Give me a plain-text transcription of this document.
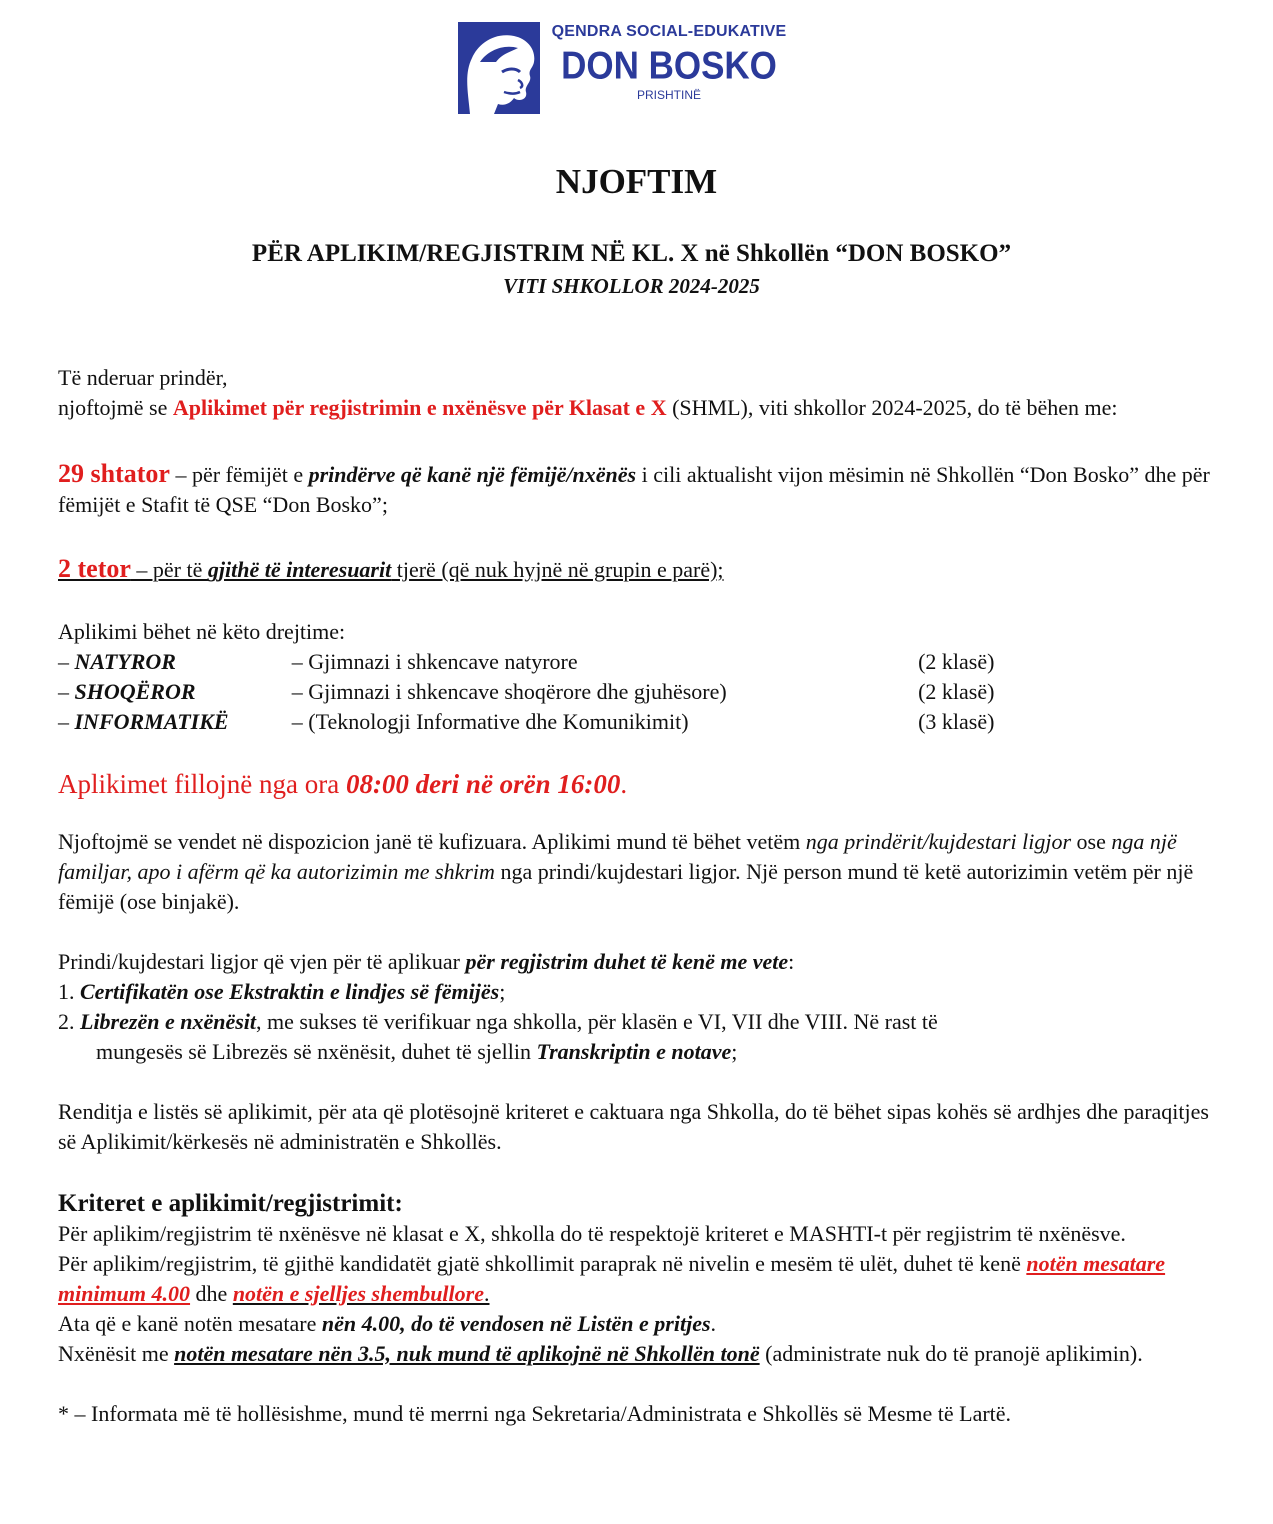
QENDRA SOCIAL-EDUKATIVE
DON BOSKO
PRISHTINË
NJOFTIM
PËR APLIKIM/REGJISTRIM NË KL. X në Shkollën “DON BOSKO”
VITI SHKOLLOR 2024-2025

Të nderuar prindër,

njoftojmë se Aplikimet për regjistrimin e nxënësve për Klasat e X (SHML), viti shkollor 2024-2025, do të bëhen me:

29 shtator – për fëmijët e prindërve që kanë një fëmijë/nxënës i cili aktualisht vijon mësimin në Shkollën “Don Bosko” dhe për fëmijët e Stafit të QSE “Don Bosko”;

2 tetor – për të gjithë të interesuarit tjerë (që nuk hyjnë në grupin e parë);

Aplikimi bëhet në këto drejtime:

– NATYROR	– Gjimnazi i shkencave natyrore	(2 klasë)
– SHOQËROR	– Gjimnazi i shkencave shoqërore dhe gjuhësore)	(2 klasë)
– INFORMATIKË	– (Teknologji Informative dhe Komunikimit)	(3 klasë)

Aplikimet fillojnë nga ora 08:00 deri në orën 16:00.

Njoftojmë se vendet në dispozicion janë të kufizuara. Aplikimi mund të bëhet vetëm nga prindërit/kujdestari ligjor ose nga një familjar, apo i afërm që ka autorizimin me shkrim nga prindi/kujdestari ligjor. Një person mund të ketë autorizimin vetëm për një fëmijë (ose binjakë).

Prindi/kujdestari ligjor që vjen për të aplikuar për regjistrim duhet të kenë me vete:

1. Certifikatën ose Ekstraktin e lindjes së fëmijës;

2. Librezën e nxënësit, me sukses të verifikuar nga shkolla, për klasën e VI, VII dhe VIII. Në rast të

mungesës së Librezës së nxënësit, duhet të sjellin Transkriptin e notave;

Renditja e listës së aplikimit, për ata që plotësojnë kriteret e caktuara nga Shkolla, do të bëhet sipas kohës së ardhjes dhe paraqitjes së Aplikimit/kërkesës në administratën e Shkollës.

Kriteret e aplikimit/regjistrimit:

Për aplikim/regjistrim të nxënësve në klasat e X, shkolla do të respektojë kriteret e MASHTI-t për regjistrim të nxënësve.

Për aplikim/regjistrim, të gjithë kandidatët gjatë shkollimit paraprak në nivelin e mesëm të ulët, duhet të kenë notën mesatare minimum 4.00 dhe notën e sjelljes shembullore.

Ata që e kanë notën mesatare nën 4.00, do të vendosen në Listën e pritjes.

Nxënësit me notën mesatare nën 3.5, nuk mund të aplikojnë në Shkollën tonë (administrate nuk do të pranojë aplikimin).

* – Informata më të hollësishme, mund të merrni nga Sekretaria/Administrata e Shkollës së Mesme të Lartë.
